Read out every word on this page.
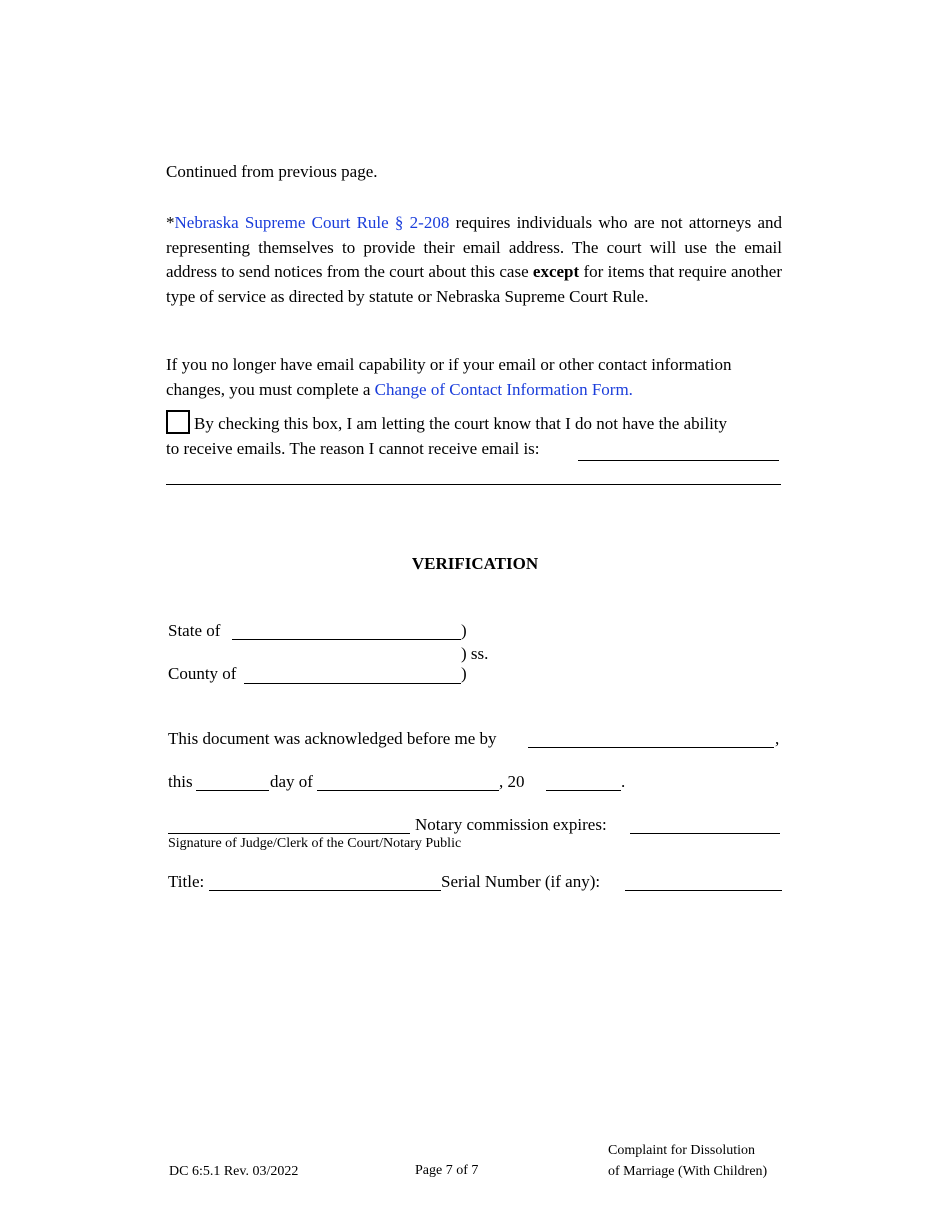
Continued from previous page.
*Nebraska Supreme Court Rule § 2-208 requires individuals who are not attorneys and representing themselves to provide their email address. The court will use the email address to send notices from the court about this case except for items that require another type of service as directed by statute or Nebraska Supreme Court Rule.
If you no longer have email capability or if your email or other contact information changes, you must complete a Change of Contact Information Form.
By checking this box, I am letting the court know that I do not have the ability
to receive emails. The reason I cannot receive email is:
VERIFICATION
State of	)
) ss.
County of	)
This document was acknowledged before me by	,
this	day of	, 20	.
Notary commission expires:
Signature of Judge/Clerk of the Court/Notary Public
Title:	Serial Number (if any):
DC 6:5.1 Rev. 03/2022	Page 7 of 7
Complaint for Dissolution
of Marriage (With Children)
